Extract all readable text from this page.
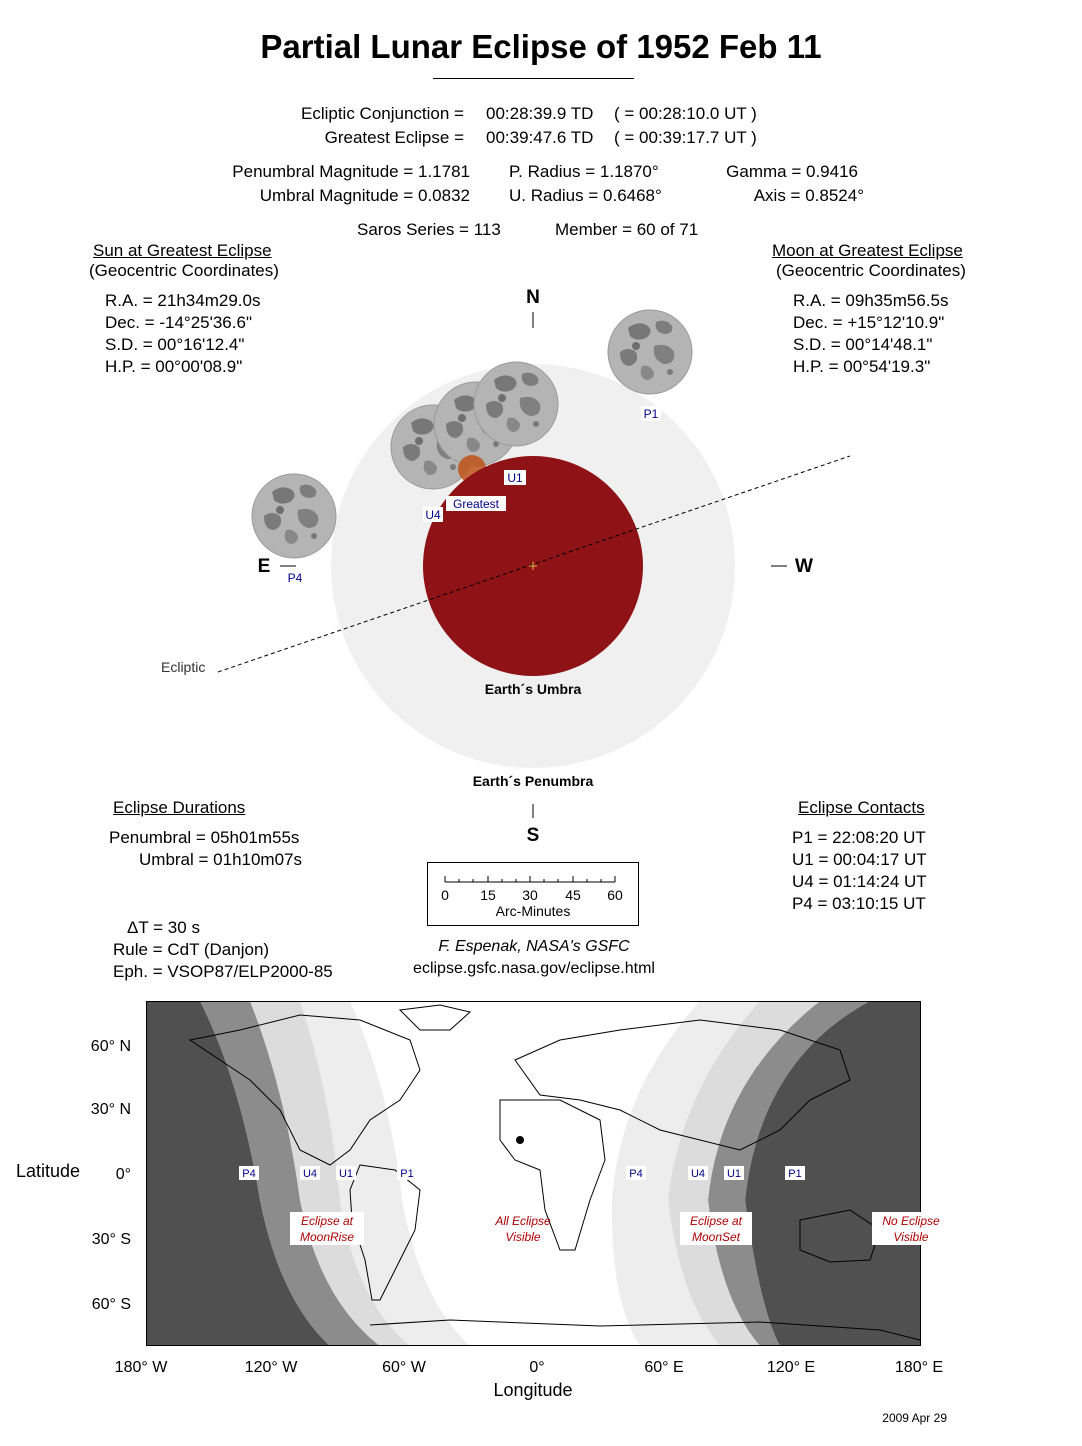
Partial Lunar Eclipse of 1952 Feb 11
Ecliptic Conjunction = 00:28:39.9 TD ( = 00:28:10.0 UT )
Greatest Eclipse = 00:39:47.6 TD ( = 00:39:17.7 UT )
Penumbral Magnitude = 1.1781
Umbral Magnitude = 0.0832
P. Radius = 1.1870°
U. Radius = 0.6468°
Gamma = 0.9416
Axis = 0.8524°
Saros Series = 113	Member = 60 of 71
Sun at Greatest Eclipse
(Geocentric Coordinates)
R.A. = 21h34m29.0s
Dec. = -14°25'36.6"
S.D. = 00°16'12.4"
H.P. = 00°00'08.9"
Moon at Greatest Eclipse
(Geocentric Coordinates)
R.A. = 09h35m56.5s
Dec. = +15°12'10.9"
S.D. = 00°14'48.1"
H.P. = 00°54'19.3"
N
S
E	W
Ecliptic
Earth´s Umbra
Earth´s Penumbra
P1
U1
Greatest
U4
P4
Eclipse Durations
Penumbral = 05h01m55s
Umbral = 01h10m07s
Eclipse Contacts
P1 = 22:08:20 UT
U1 = 00:04:17 UT
U4 = 01:14:24 UT
P4 = 03:10:15 UT
0 15 30 45 60
Arc-Minutes
ΔT = 30 s
Rule = CdT (Danjon)
Eph. = VSOP87/ELP2000-85
F. Espenak, NASA's GSFC
eclipse.gsfc.nasa.gov/eclipse.html
60° N
30° N
0°
30° S
60° S
Latitude
180° W	120° W	60° W	0°	60° E	120° E	180° E
Longitude
P4	U4 U1	P1	P4	U4 U1	P1
Eclipse at
MoonRise
All Eclipse
Visible
Eclipse at
MoonSet
No Eclipse
Visible
2009 Apr 29
